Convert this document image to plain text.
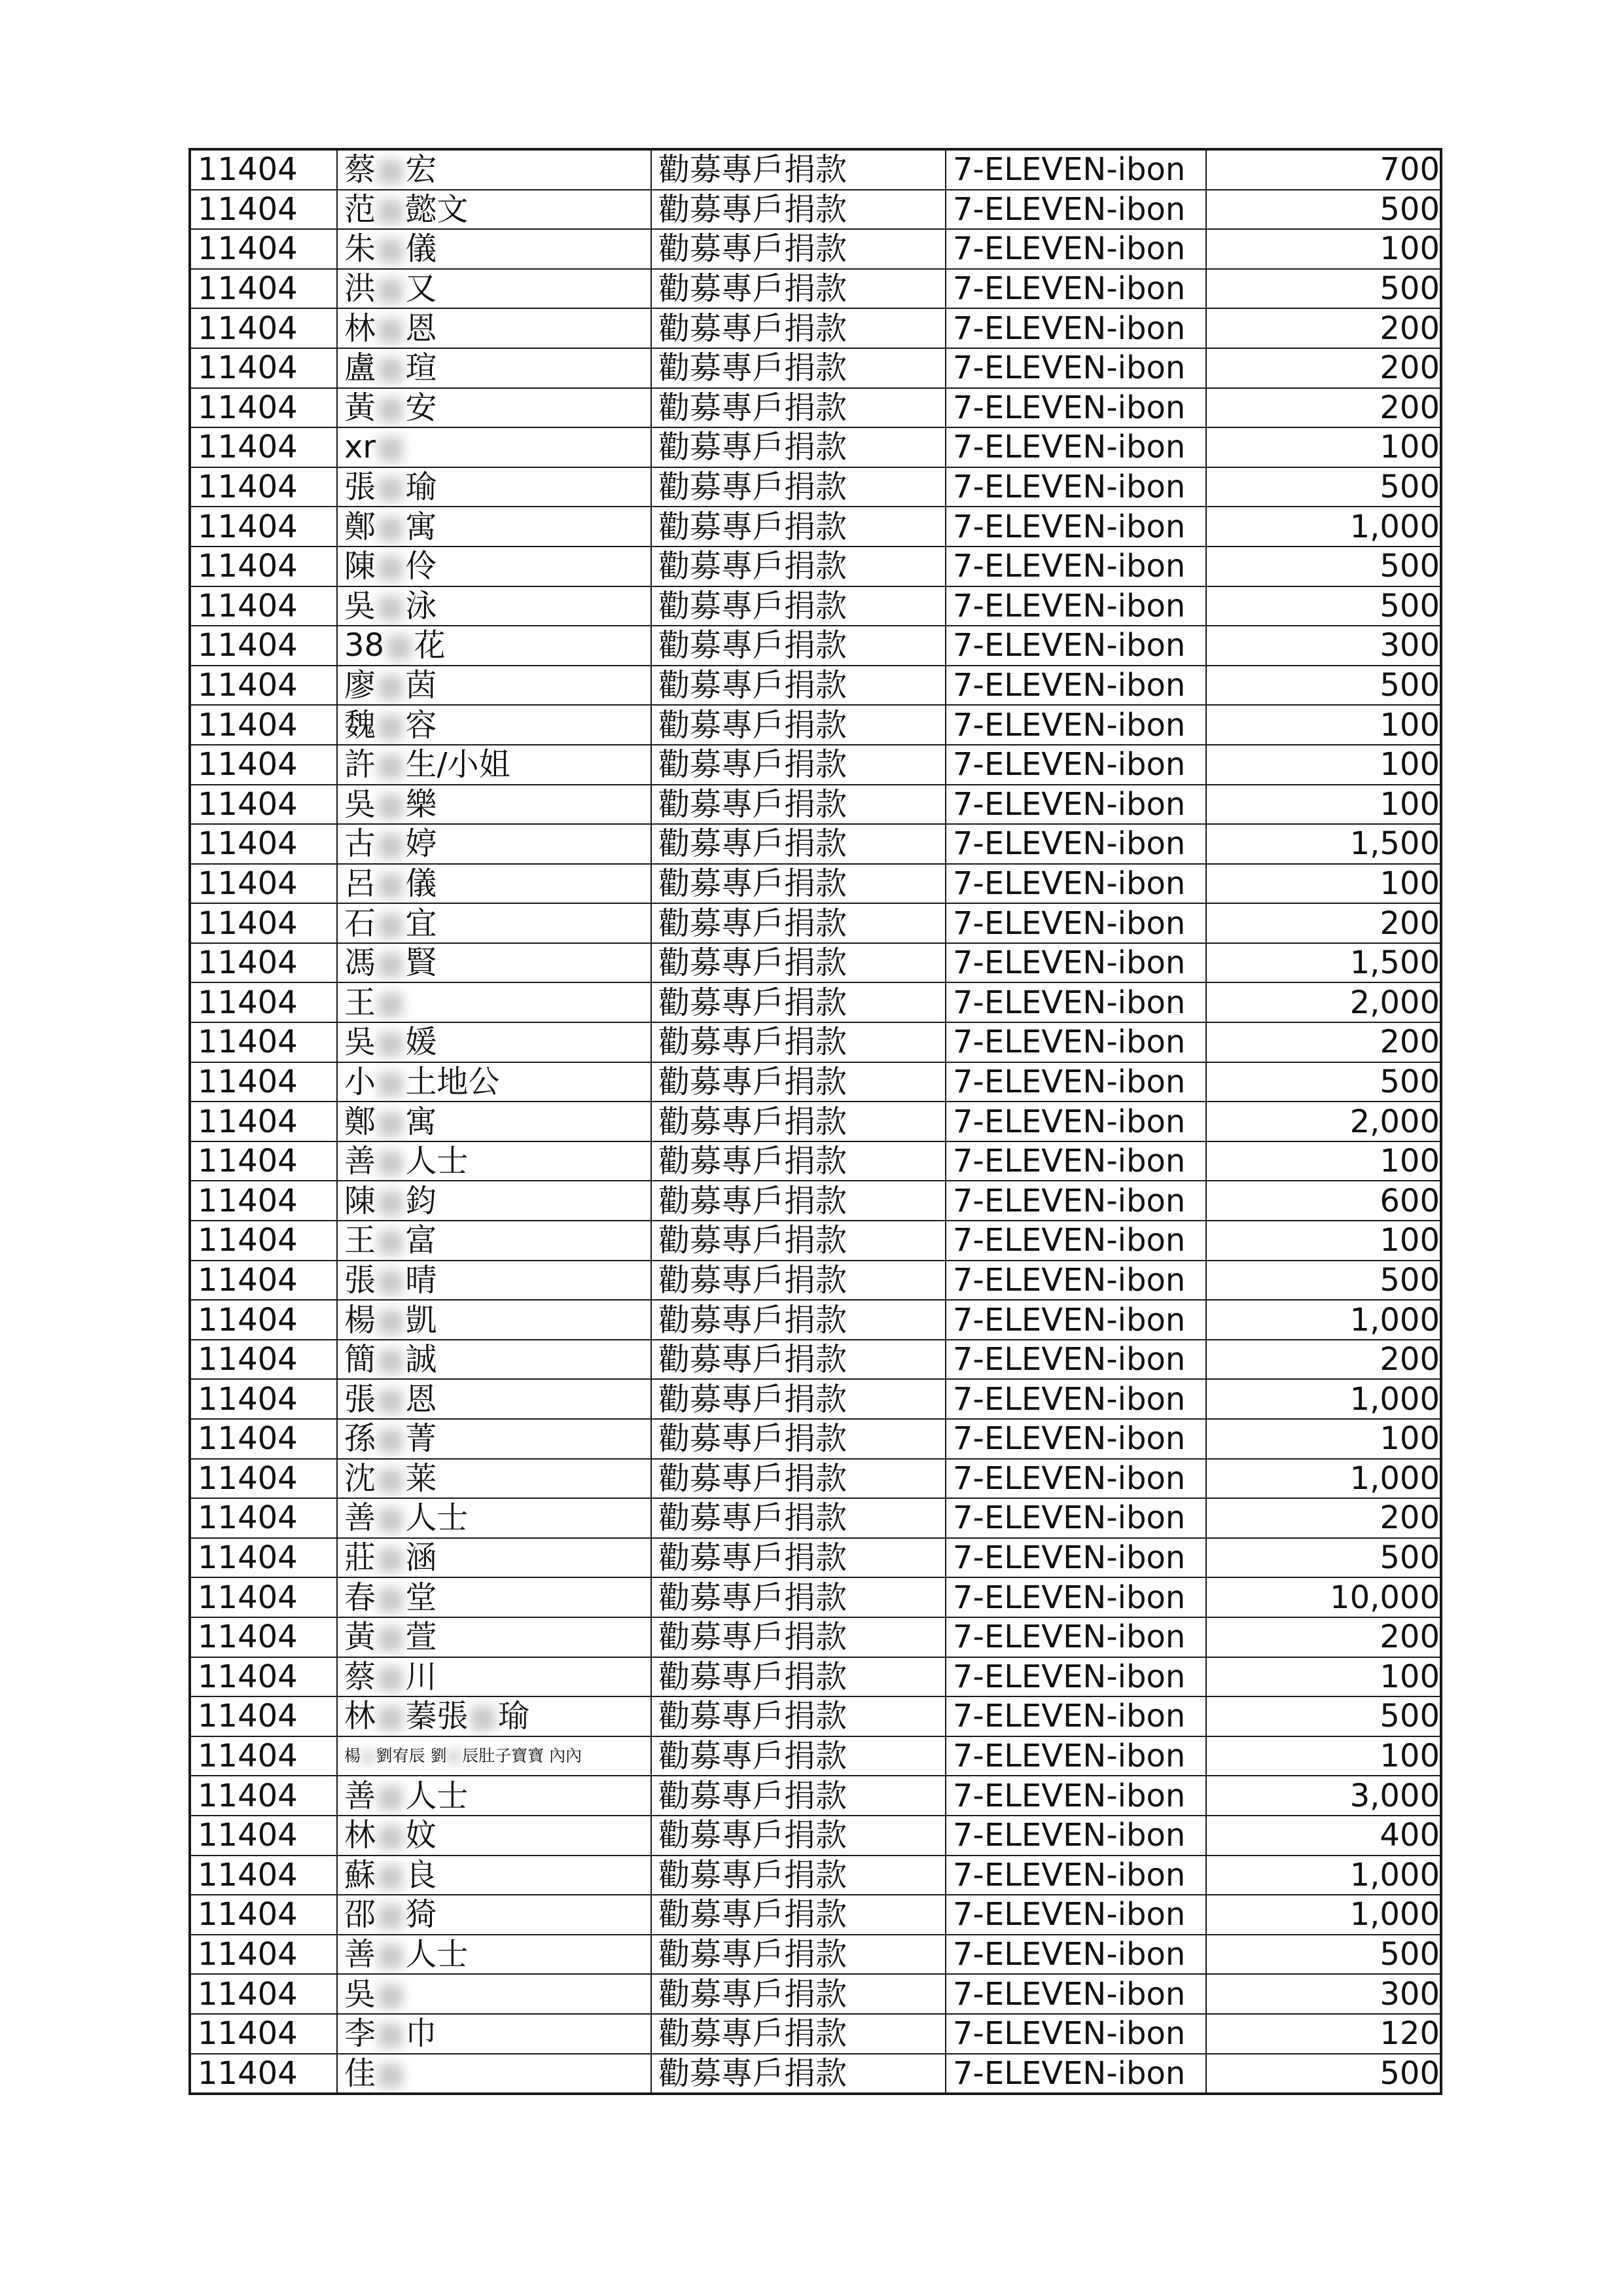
11404	蔡■宏	勸募專戶捐款	7-ELEVEN-ibon	700
11404	范■懿文	勸募專戶捐款	7-ELEVEN-ibon	500
11404	朱■儀	勸募專戶捐款	7-ELEVEN-ibon	100
11404	洪■又	勸募專戶捐款	7-ELEVEN-ibon	500
11404	林■恩	勸募專戶捐款	7-ELEVEN-ibon	200
11404	盧■瑄	勸募專戶捐款	7-ELEVEN-ibon	200
11404	黃■安	勸募專戶捐款	7-ELEVEN-ibon	200
11404	xr■	勸募專戶捐款	7-ELEVEN-ibon	100
11404	張■瑜	勸募專戶捐款	7-ELEVEN-ibon	500
11404	鄭■寓	勸募專戶捐款	7-ELEVEN-ibon	1,000
11404	陳■伶	勸募專戶捐款	7-ELEVEN-ibon	500
11404	吳■泳	勸募專戶捐款	7-ELEVEN-ibon	500
11404	38■花	勸募專戶捐款	7-ELEVEN-ibon	300
11404	廖■茵	勸募專戶捐款	7-ELEVEN-ibon	500
11404	魏■容	勸募專戶捐款	7-ELEVEN-ibon	100
11404	許■生/小姐	勸募專戶捐款	7-ELEVEN-ibon	100
11404	吳■樂	勸募專戶捐款	7-ELEVEN-ibon	100
11404	古■婷	勸募專戶捐款	7-ELEVEN-ibon	1,500
11404	呂■儀	勸募專戶捐款	7-ELEVEN-ibon	100
11404	石■宜	勸募專戶捐款	7-ELEVEN-ibon	200
11404	馮■賢	勸募專戶捐款	7-ELEVEN-ibon	1,500
11404	王■	勸募專戶捐款	7-ELEVEN-ibon	2,000
11404	吳■媛	勸募專戶捐款	7-ELEVEN-ibon	200
11404	小■土地公	勸募專戶捐款	7-ELEVEN-ibon	500
11404	鄭■寓	勸募專戶捐款	7-ELEVEN-ibon	2,000
11404	善■人士	勸募專戶捐款	7-ELEVEN-ibon	100
11404	陳■鈞	勸募專戶捐款	7-ELEVEN-ibon	600
11404	王■富	勸募專戶捐款	7-ELEVEN-ibon	100
11404	張■晴	勸募專戶捐款	7-ELEVEN-ibon	500
11404	楊■凱	勸募專戶捐款	7-ELEVEN-ibon	1,000
11404	簡■誠	勸募專戶捐款	7-ELEVEN-ibon	200
11404	張■恩	勸募專戶捐款	7-ELEVEN-ibon	1,000
11404	孫■菁	勸募專戶捐款	7-ELEVEN-ibon	100
11404	沈■莱	勸募專戶捐款	7-ELEVEN-ibon	1,000
11404	善■人士	勸募專戶捐款	7-ELEVEN-ibon	200
11404	莊■涵	勸募專戶捐款	7-ELEVEN-ibon	500
11404	春■堂	勸募專戶捐款	7-ELEVEN-ibon	10,000
11404	黃■萱	勸募專戶捐款	7-ELEVEN-ibon	200
11404	蔡■川	勸募專戶捐款	7-ELEVEN-ibon	100
11404	林■蓁張■瑜	勸募專戶捐款	7-ELEVEN-ibon	500
11404	楊■劉宥辰 劉■辰肚子寶寶 內內	勸募專戶捐款	7-ELEVEN-ibon	100
11404	善■人士	勸募專戶捐款	7-ELEVEN-ibon	3,000
11404	林■妏	勸募專戶捐款	7-ELEVEN-ibon	400
11404	蘇■良	勸募專戶捐款	7-ELEVEN-ibon	1,000
11404	邵■猗	勸募專戶捐款	7-ELEVEN-ibon	1,000
11404	善■人士	勸募專戶捐款	7-ELEVEN-ibon	500
11404	吳■	勸募專戶捐款	7-ELEVEN-ibon	300
11404	李■巾	勸募專戶捐款	7-ELEVEN-ibon	120
11404	佳■	勸募專戶捐款	7-ELEVEN-ibon	500
